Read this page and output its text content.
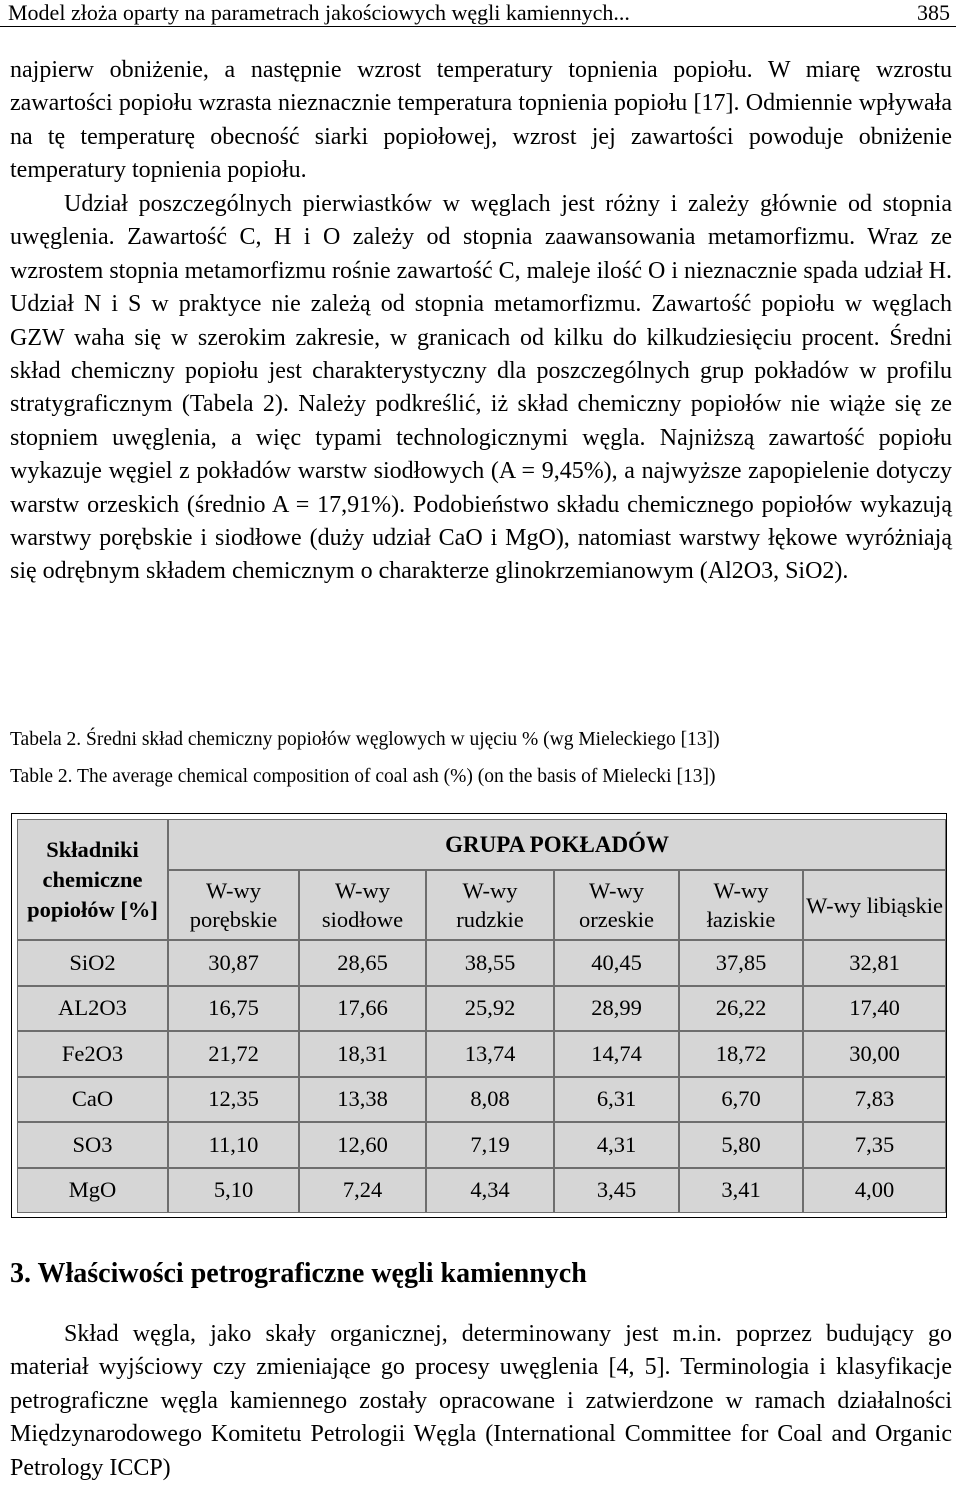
Model złoża oparty na parametrach jakościowych węgli kamiennych...	385

najpierw obniżenie, a następnie wzrost temperatury topnienia popiołu. W miarę wzrostu zawartości popiołu wzrasta nieznacznie temperatura topnienia popiołu [17]. Odmiennie wpływała na tę temperaturę obecność siarki popiołowej, wzrost jej zawartości powoduje obniżenie temperatury topnienia popiołu.

Udział poszczególnych pierwiastków w węglach jest różny i zależy głównie od stopnia uwęglenia. Zawartość C, H i O zależy od stopnia zaawansowania metamorfizmu. Wraz ze wzrostem stopnia metamorfizmu rośnie zawartość C, maleje ilość O i nieznacznie spada udział H. Udział N i S w praktyce nie zależą od stopnia metamorfizmu. Zawartość popiołu w węglach GZW waha się w szerokim zakresie, w granicach od kilku do kilkudziesięciu procent. Średni skład chemiczny popiołu jest charakterystyczny dla poszczególnych grup pokładów w profilu stratygraficznym (Tabela 2). Należy podkreślić, iż skład chemiczny popiołów nie wiąże się ze stopniem uwęglenia, a więc typami technologicznymi węgla. Najniższą zawartość popiołu wykazuje węgiel z pokładów warstw siodłowych (A = 9,45%), a najwyższe zapopielenie dotyczy warstw orzeskich (średnio A = 17,91%). Podobieństwo składu chemicznego popiołów wykazują warstwy porębskie i siodłowe (duży udział CaO i MgO), natomiast warstwy łękowe wyróżniają się odrębnym składem chemicznym o charakterze glinokrzemianowym (Al2O3, SiO2).

Tabela 2. Średni skład chemiczny popiołów węglowych w ujęciu % (wg Mieleckiego [13])
Table 2. The average chemical composition of coal ash (%) (on the basis of Mielecki [13])
Składniki chemiczne popiołów [%]	GRUPA POKŁADÓW					
	W-wy porębskie	W-wy siodłowe	W-wy rudzkie	W-wy orzeskie	W-wy łaziskie	W-wy libiąskie
SiO2	30,87	28,65	38,55	40,45	37,85	32,81
AL2O3	16,75	17,66	25,92	28,99	26,22	17,40
Fe2O3	21,72	18,31	13,74	14,74	18,72	30,00
CaO	12,35	13,38	8,08	6,31	6,70	7,83
SO3	11,10	12,60	7,19	4,31	5,80	7,35
MgO	5,10	7,24	4,34	3,45	3,41	4,00
3. Właściwości petrograficzne węgli kamiennych

Skład węgla, jako skały organicznej, determinowany jest m.in. poprzez budujący go materiał wyjściowy czy zmieniające go procesy uwęglenia [4, 5]. Terminologia i klasyfikacje petrograficzne węgla kamiennego zostały opracowane i zatwierdzone w ramach działalności Międzynarodowego Komitetu Petrologii Węgla (International Committee for Coal and Organic Petrology ICCP)
